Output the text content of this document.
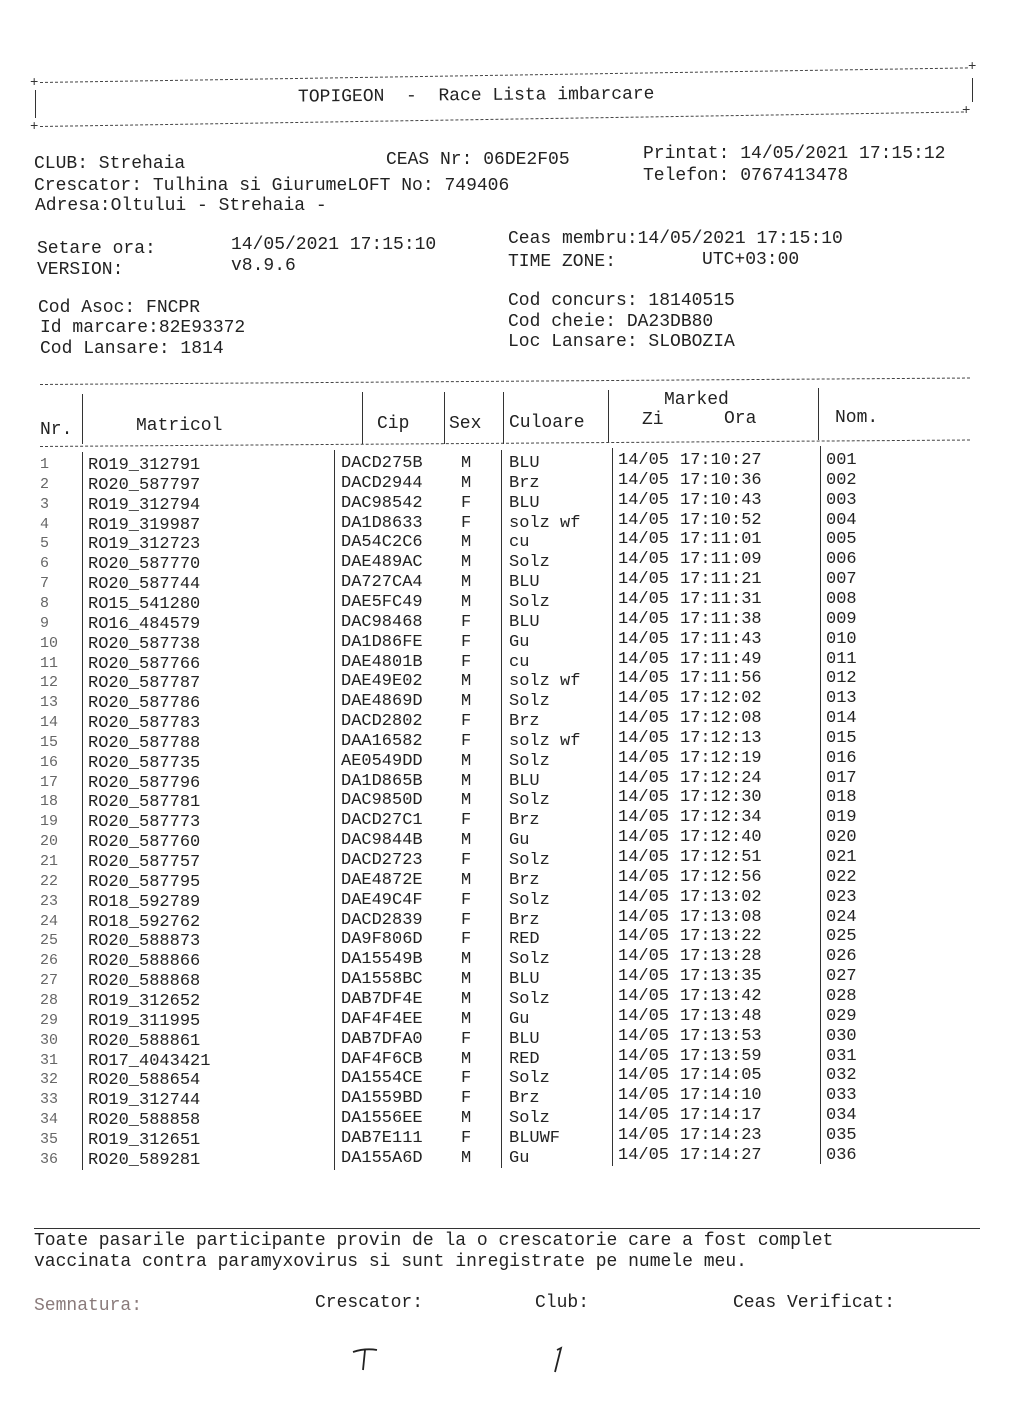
+
+
TOPIGEON  -  Race Lista imbarcare
+
+
CLUB: Strehaia	CEAS Nr: 06DE2F05	Printat: 14/05/2021 17:15:12
Crescator: Tulhina si GiurumeLOFT No: 749406	Telefon: 0767413478
Adresa:Oltului - Strehaia -
Setare ora:	14/05/2021 17:15:10
VERSION:	v8.9.6
Ceas membru:14/05/2021 17:15:10
TIME ZONE:	UTC+03:00
Cod Asoc: FNCPR
Id marcare:82E93372
Cod Lansare: 1814
Cod concurs: 18140515
Cod cheie: DA23DB80
Loc Lansare: SLOBOZIA
Nr.	Matricol	Cip Sex Culoare
Marked
Zi	Ora	Nom.
1 RO19_312791	DACD275B M BLU	14/05 17:10:27	001
2 RO20_587797	DACD2944 M Brz	14/05 17:10:36	002
3 RO19_312794	DAC98542 F BLU	14/05 17:10:43	003
4 RO19_319987	DA1D8633 F solz wf 14/05 17:10:52	004
5 RO19_312723	DA54C2C6 M cu	14/05 17:11:01	005
6 RO20_587770	DAE489AC M Solz	14/05 17:11:09	006
7 RO20_587744	DA727CA4 M BLU	14/05 17:11:21	007
8 RO15_541280	DAE5FC49 M Solz	14/05 17:11:31	008
9 RO16_484579	DAC98468 F BLU	14/05 17:11:38	009
10 RO20_587738	DA1D86FE F Gu	14/05 17:11:43	010
11 RO20_587766	DAE4801B F cu	14/05 17:11:49	011
12 RO20_587787	DAE49E02 M solz wf 14/05 17:11:56	012
13 RO20_587786	DAE4869D M Solz	14/05 17:12:02	013
14 RO20_587783	DACD2802 F Brz	14/05 17:12:08	014
15 RO20_587788	DAA16582 F solz wf 14/05 17:12:13	015
16 RO20_587735	AE0549DD M Solz	14/05 17:12:19	016
17 RO20_587796	DA1D865B M BLU	14/05 17:12:24	017
18 RO20_587781	DAC9850D M Solz	14/05 17:12:30	018
19 RO20_587773	DACD27C1 F Brz	14/05 17:12:34	019
20 RO20_587760	DAC9844B M Gu	14/05 17:12:40	020
21 RO20_587757	DACD2723 F Solz	14/05 17:12:51	021
22 RO20_587795	DAE4872E M Brz	14/05 17:12:56	022
23 RO18_592789	DAE49C4F F Solz	14/05 17:13:02	023
24 RO18_592762	DACD2839 F Brz	14/05 17:13:08	024
25 RO20_588873	DA9F806D F RED	14/05 17:13:22	025
26 RO20_588866	DA15549B M Solz	14/05 17:13:28	026
27 RO20_588868	DA1558BC M BLU	14/05 17:13:35	027
28 RO19_312652	DAB7DF4E M Solz	14/05 17:13:42	028
29 RO19_311995	DAF4F4EE M Gu	14/05 17:13:48	029
30 RO20_588861	DAB7DFA0 F BLU	14/05 17:13:53	030
31 RO17_4043421	DAF4F6CB M RED	14/05 17:13:59	031
32 RO20_588654	DA1554CE F Solz	14/05 17:14:05	032
33 RO19_312744	DA1559BD F Brz	14/05 17:14:10	033
34 RO20_588858	DA1556EE M Solz	14/05 17:14:17	034
35 RO19_312651	DAB7E111 F BLUWF	14/05 17:14:23	035
36 RO20_589281	DA155A6D M Gu	14/05 17:14:27	036
Toate pasarile participante provin de la o crescatorie care a fost complet
vaccinata contra paramyxovirus si sunt inregistrate pe numele meu.
Semnatura:	Crescator:	Club:	Ceas Verificat:
